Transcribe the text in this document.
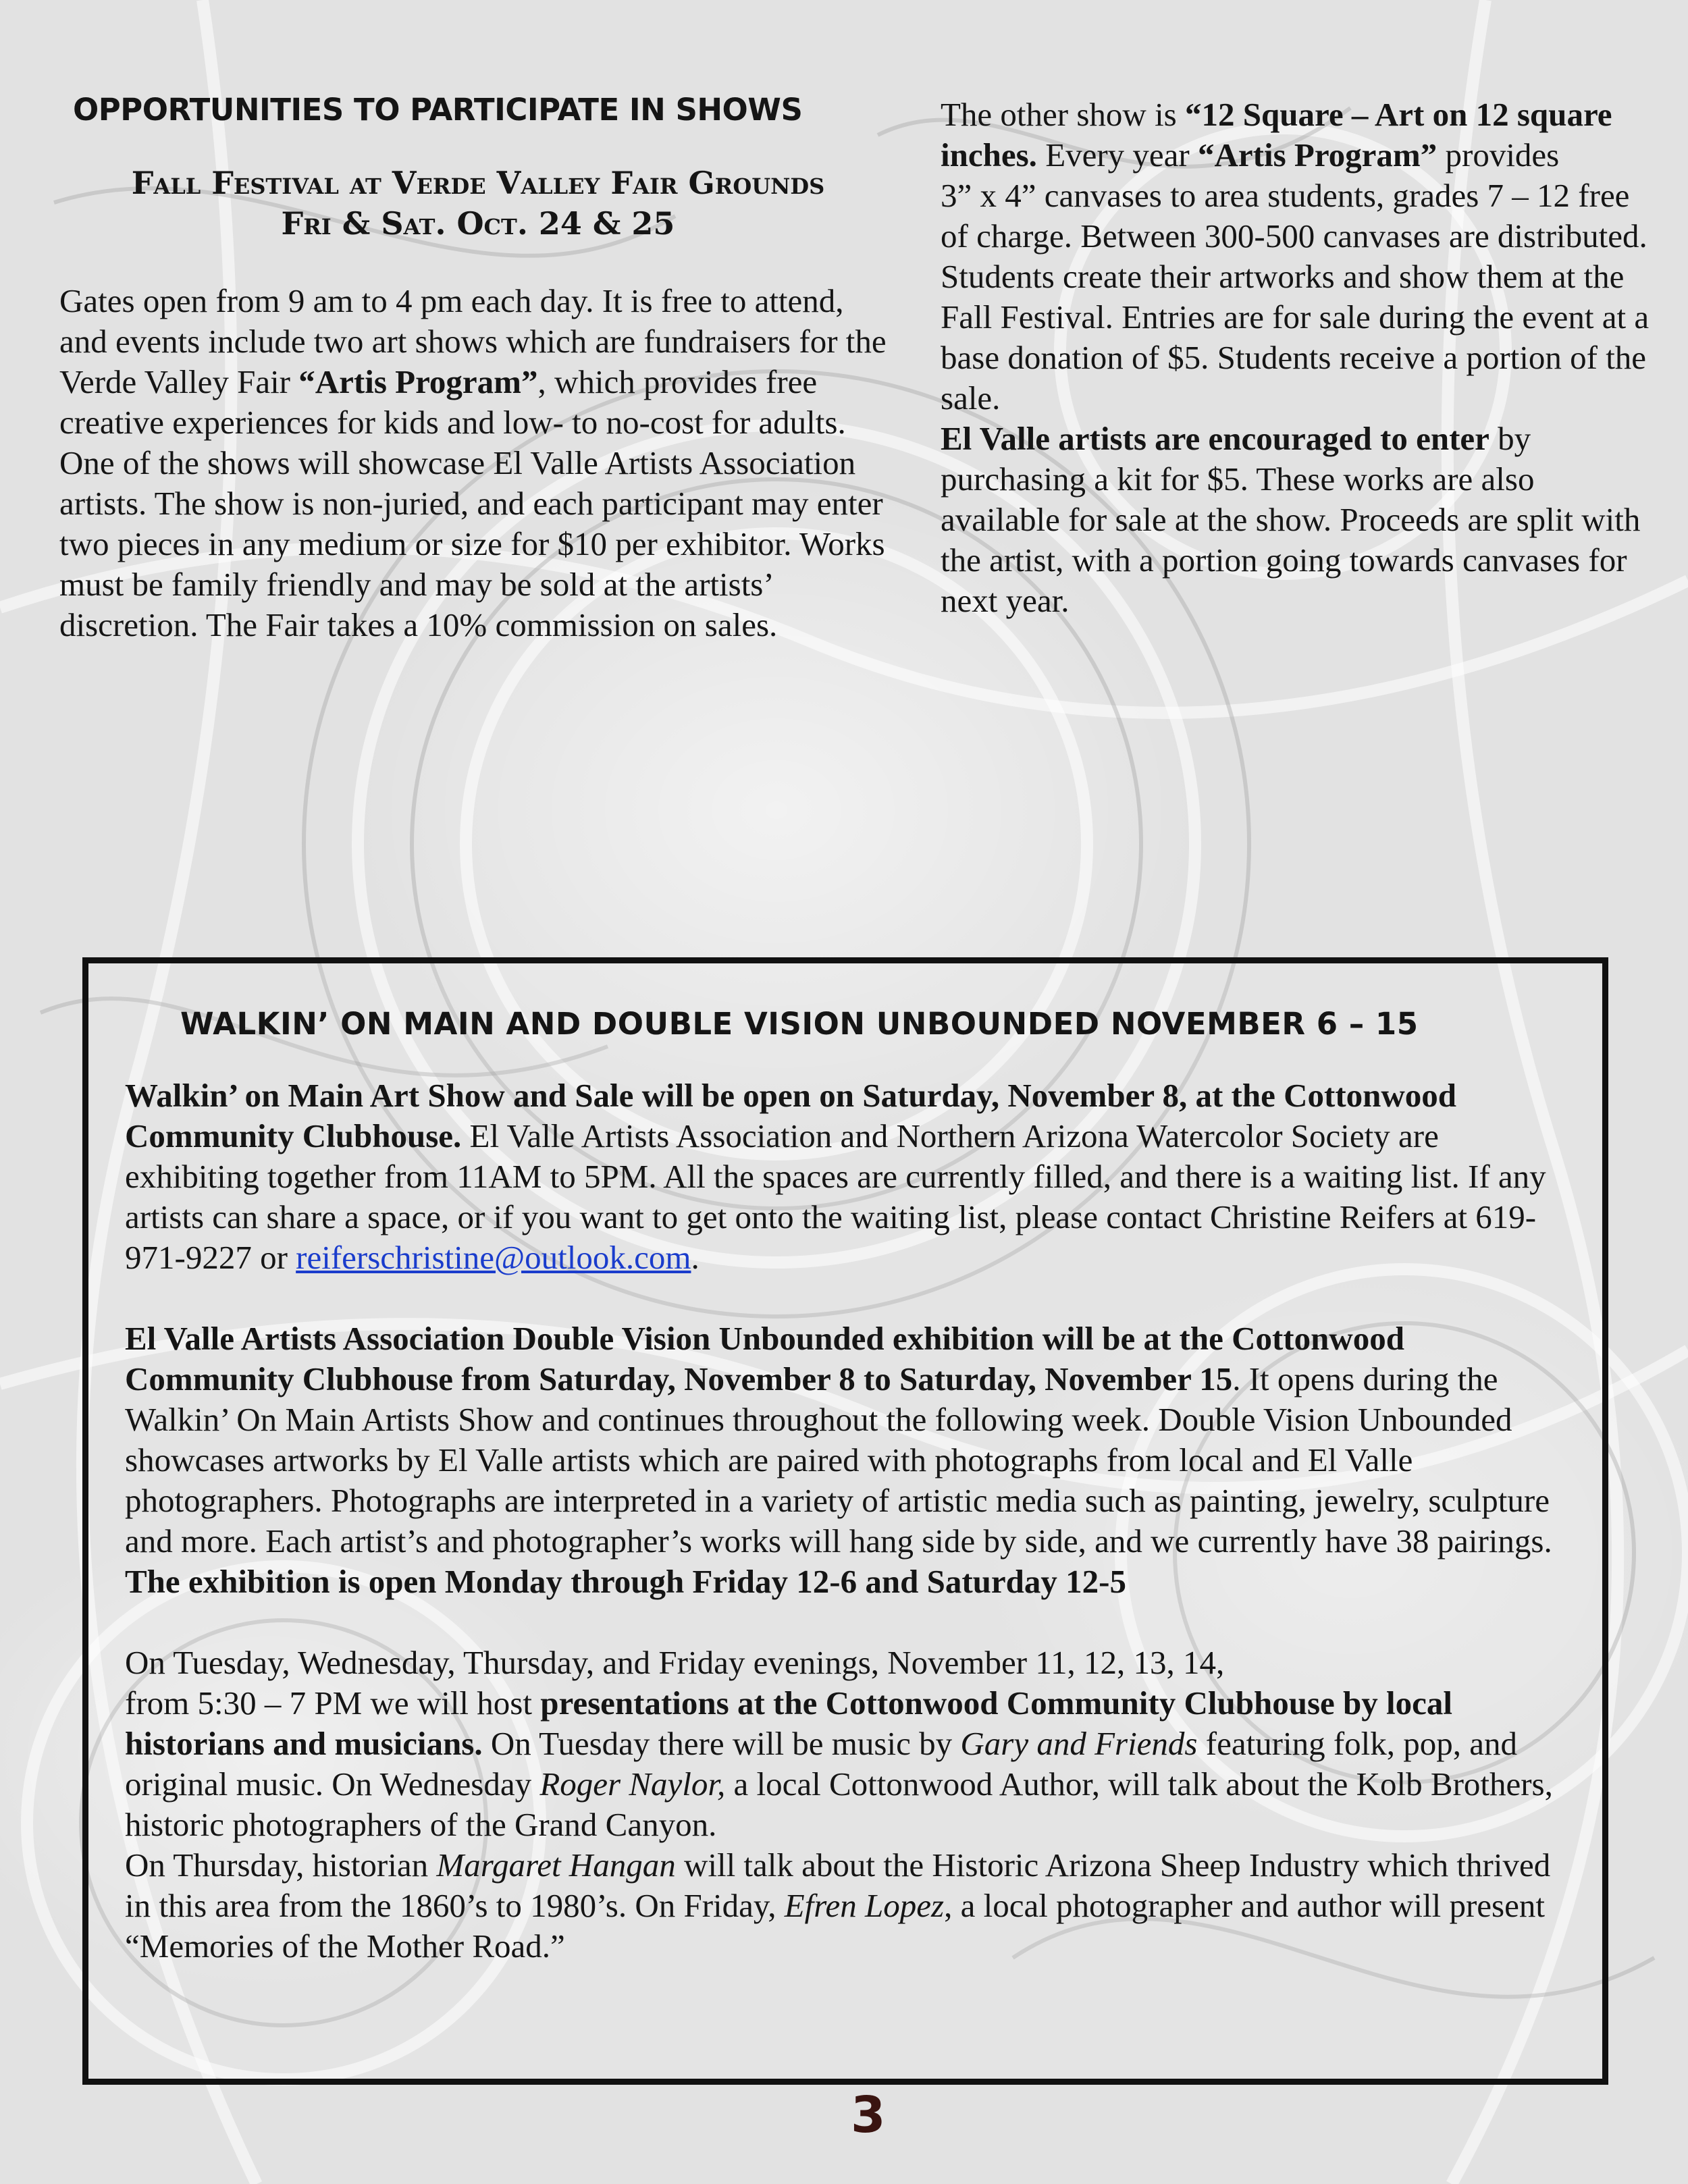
OPPORTUNITIES TO PARTICIPATE IN SHOWS
Fall Festival at Verde Valley Fair Grounds
Fri & Sat. Oct. 24 & 25

Gates open from 9 am to 4 pm each day. It is free to attend, and events include two art shows which are fundraisers for the Verde Valley Fair “Artis Program”, which provides free creative experiences for kids and low- to no-cost for adults. One of the shows will showcase El Valle Artists Association artists. The show is non-juried, and each participant may enter two pieces in any medium or size for $10 per exhibitor. Works must be family friendly and may be sold at the artists’ discretion. The Fair takes a 10% commission on sales.

The other show is “12 Square – Art on 12 square inches. Every year “Artis Program” provides

3” x 4” canvases to area students, grades 7 – 12 free of charge. Between 300-500 canvases are distributed. Students create their artworks and show them at the Fall Festival. Entries are for sale during the event at a base donation of $5. Students receive a portion of the sale.

El Valle artists are encouraged to enter by purchasing a kit for $5. These works are also

available for sale at the show. Proceeds are split with the artist, with a portion going towards canvases for next year.

WALKIN’ ON MAIN AND DOUBLE VISION UNBOUNDED NOVEMBER 6 – 15

Walkin’ on Main Art Show and Sale will be open on Saturday, November 8, at the Cottonwood Community Clubhouse. El Valle Artists Association and Northern Arizona Watercolor Society are exhibiting together from 11AM to 5PM. All the spaces are currently filled, and there is a waiting list. If any artists can share a space, or if you want to get onto the waiting list, please contact Christine Reifers at 619-971-9227 or reiferschristine@outlook.com.

El Valle Artists Association Double Vision Unbounded exhibition will be at the Cottonwood Community Clubhouse from Saturday, November 8 to Saturday, November 15. It opens during the Walkin’ On Main Artists Show and continues throughout the following week. Double Vision Unbounded showcases artworks by El Valle artists which are paired with photographs from local and El Valle photographers. Photographs are interpreted in a variety of artistic media such as painting, jewelry, sculpture and more. Each artist’s and photographer’s works will hang side by side, and we currently have 38 pairings. The exhibition is open Monday through Friday 12-6 and Saturday 12-5

On Tuesday, Wednesday, Thursday, and Friday evenings, November 11, 12, 13, 14,
from 5:30 – 7 PM we will host presentations at the Cottonwood Community Clubhouse by local historians and musicians. On Tuesday there will be music by Gary and Friends featuring folk, pop, and original music. On Wednesday Roger Naylor, a local Cottonwood Author, will talk about the Kolb Brothers, historic photographers of the Grand Canyon.
On Thursday, historian Margaret Hangan will talk about the Historic Arizona Sheep Industry which thrived in this area from the 1860’s to 1980’s. On Friday, Efren Lopez, a local photographer and author will present “Memories of the Mother Road.”

3
